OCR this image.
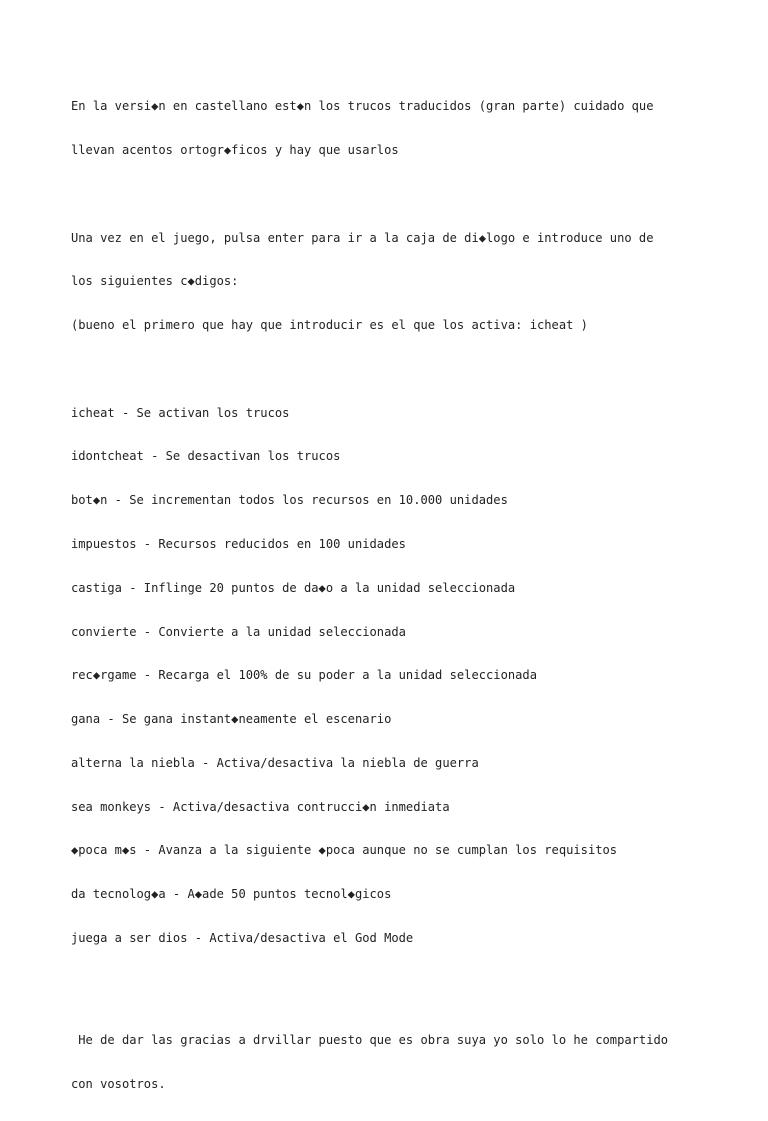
En la versi◆n en castellano est◆n los trucos traducidos (gran parte) cuidado que

llevan acentos ortogr◆ficos y hay que usarlos

Una vez en el juego, pulsa enter para ir a la caja de di◆logo e introduce uno de

los siguientes c◆digos:

(bueno el primero que hay que introducir es el que los activa: icheat )

icheat - Se activan los trucos

idontcheat - Se desactivan los trucos

bot◆n - Se incrementan todos los recursos en 10.000 unidades

impuestos - Recursos reducidos en 100 unidades

castiga - Inflinge 20 puntos de da◆o a la unidad seleccionada

convierte - Convierte a la unidad seleccionada

rec◆rgame - Recarga el 100% de su poder a la unidad seleccionada

gana - Se gana instant◆neamente el escenario

alterna la niebla - Activa/desactiva la niebla de guerra

sea monkeys - Activa/desactiva contrucci◆n inmediata

◆poca m◆s - Avanza a la siguiente ◆poca aunque no se cumplan los requisitos

da tecnolog◆a - A◆ade 50 puntos tecnol◆gicos

juega a ser dios - Activa/desactiva el God Mode

He de dar las gracias a drvillar puesto que es obra suya yo solo lo he compartido

con vosotros.
